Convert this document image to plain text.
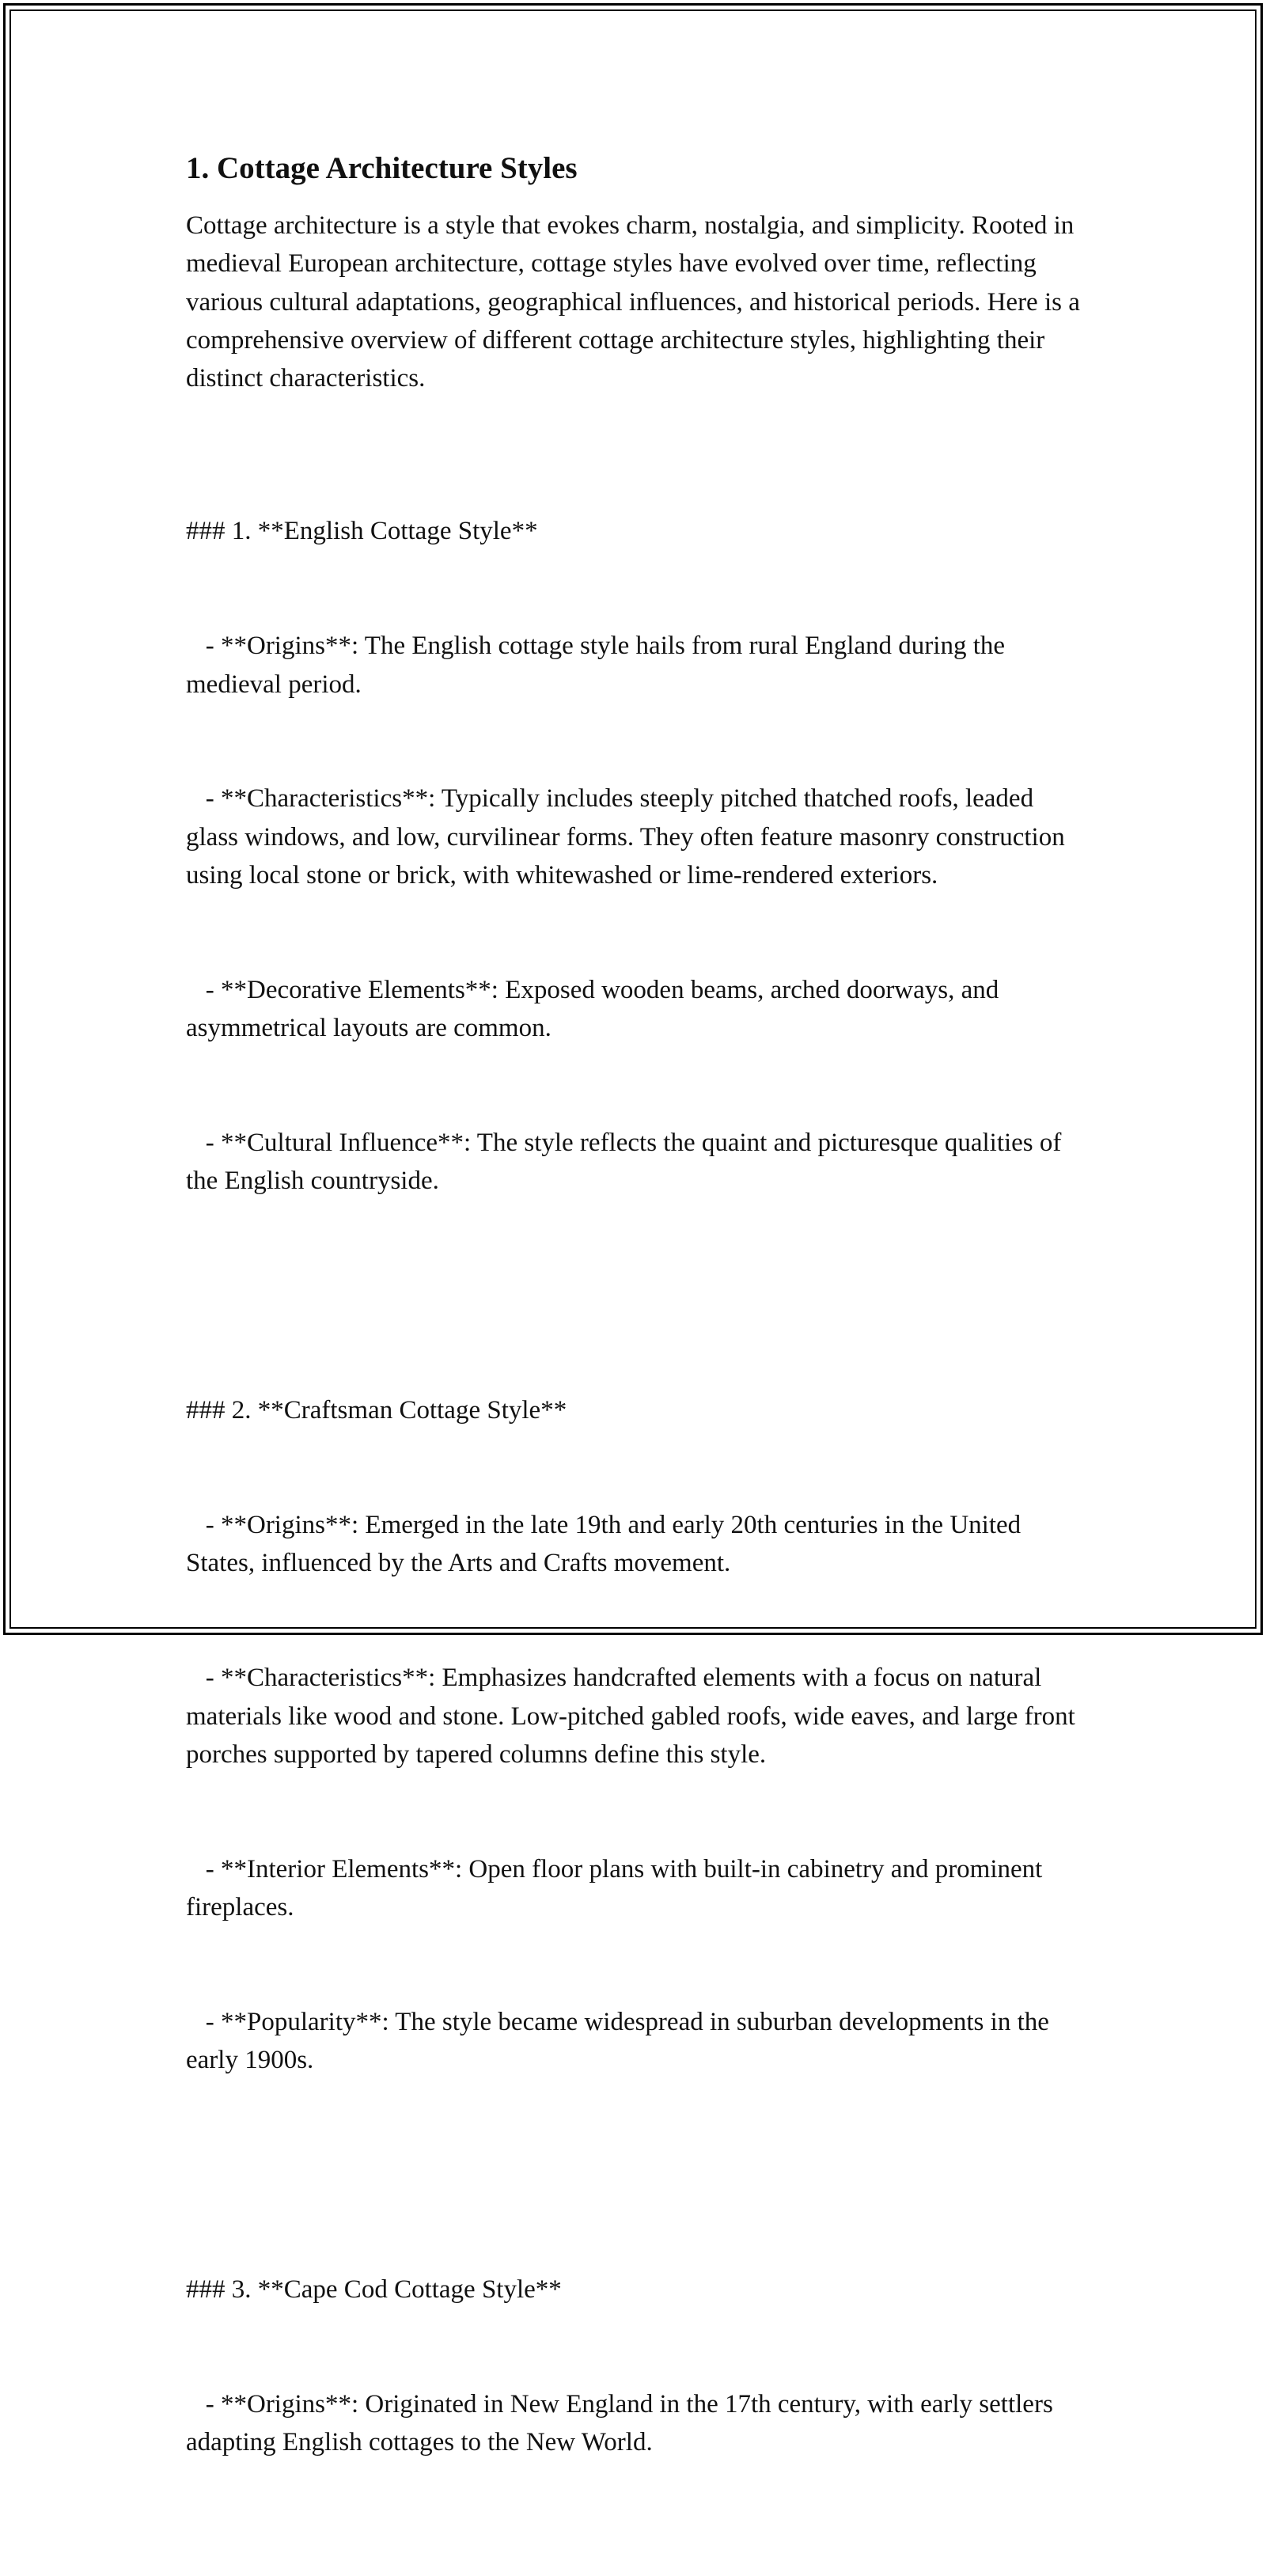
1. Cottage Architecture Styles
Cottage architecture is a style that evokes charm, nostalgia, and simplicity. Rooted in medieval European architecture, cottage styles have evolved over time, reflecting various cultural adaptations, geographical influences, and historical periods. Here is a comprehensive overview of different cottage architecture styles, highlighting their distinct characteristics.

### 1. **English Cottage Style**

- **Origins**: The English cottage style hails from rural England during the medieval period.

- **Characteristics**: Typically includes steeply pitched thatched roofs, leaded glass windows, and low, curvilinear forms. They often feature masonry construction using local stone or brick, with whitewashed or lime-rendered exteriors.

- **Decorative Elements**: Exposed wooden beams, arched doorways, and asymmetrical layouts are common.

- **Cultural Influence**: The style reflects the quaint and picturesque qualities of the English countryside.

### 2. **Craftsman Cottage Style**

- **Origins**: Emerged in the late 19th and early 20th centuries in the United States, influenced by the Arts and Crafts movement.

- **Characteristics**: Emphasizes handcrafted elements with a focus on natural materials like wood and stone. Low-pitched gabled roofs, wide eaves, and large front porches supported by tapered columns define this style.

- **Interior Elements**: Open floor plans with built-in cabinetry and prominent fireplaces.

- **Popularity**: The style became widespread in suburban developments in the early 1900s.

### 3. **Cape Cod Cottage Style**

- **Origins**: Originated in New England in the 17th century, with early settlers adapting English cottages to the New World.
